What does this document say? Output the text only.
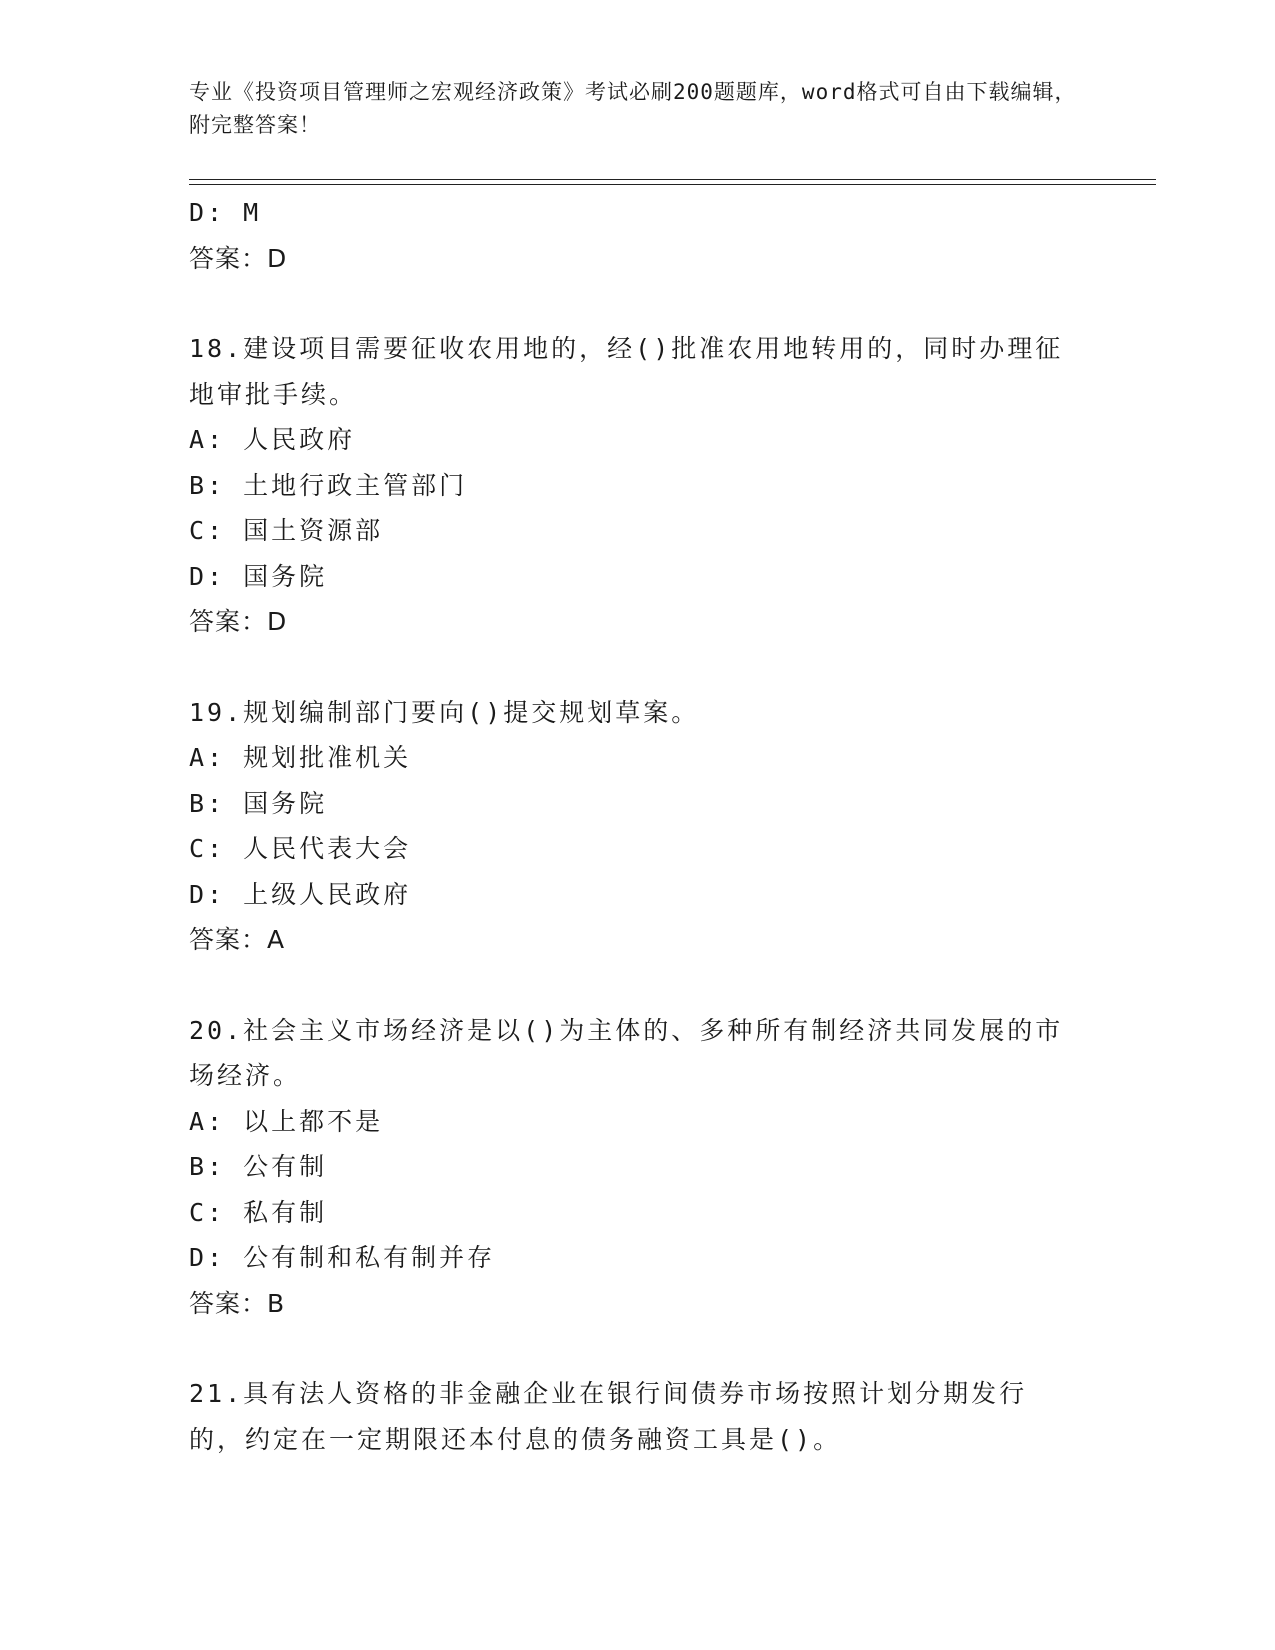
专业《投资项目管理师之宏观经济政策》考试必刷200题题库，word格式可自由下载编辑，附完整答案！
D: M
答案：D
18.建设项目需要征收农用地的，经()批准农用地转用的，同时办理征地审批手续。
A: 人民政府
B: 土地行政主管部门
C: 国土资源部
D: 国务院
答案：D
19.规划编制部门要向()提交规划草案。
A: 规划批准机关
B: 国务院
C: 人民代表大会
D: 上级人民政府
答案：A
20.社会主义市场经济是以()为主体的、多种所有制经济共同发展的市场经济。
A: 以上都不是
B: 公有制
C: 私有制
D: 公有制和私有制并存
答案：B
21.具有法人资格的非金融企业在银行间债券市场按照计划分期发行的，约定在一定期限还本付息的债务融资工具是()。
